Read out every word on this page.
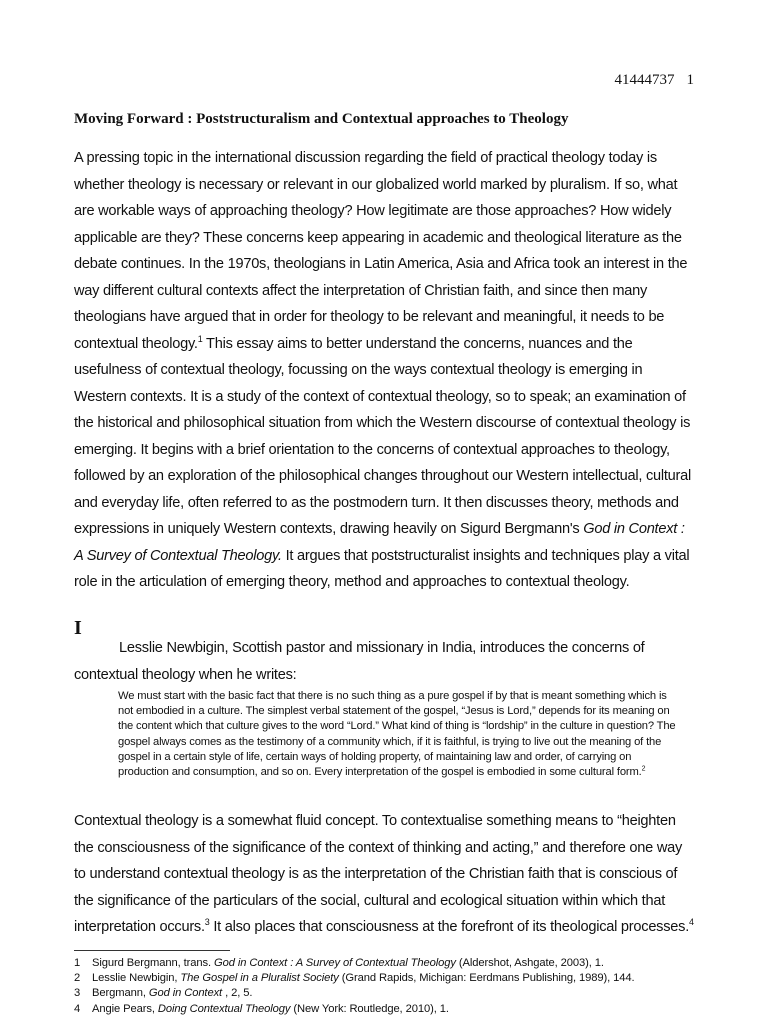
41444737 1
Moving Forward : Poststructuralism and Contextual approaches to Theology
A pressing topic in the international discussion regarding the field of practical theology today is whether theology is necessary or relevant in our globalized world marked by pluralism. If so, what are workable ways of approaching theology? How legitimate are those approaches? How widely applicable are they? These concerns keep appearing in academic and theological literature as the debate continues. In the 1970s, theologians in Latin America, Asia and Africa took an interest in the way different cultural contexts affect the interpretation of Christian faith, and since then many theologians have argued that in order for theology to be relevant and meaningful, it needs to be contextual theology.$^1$ This essay aims to better understand the concerns, nuances and the usefulness of contextual theology, focussing on the ways contextual theology is emerging in Western contexts. It is a study of the context of contextual theology, so to speak; an examination of the historical and philosophical situation from which the Western discourse of contextual theology is emerging. It begins with a brief orientation to the concerns of contextual approaches to theology, followed by an exploration of the philosophical changes throughout our Western intellectual, cultural and everyday life, often referred to as the postmodern turn. It then discusses theory, methods and expressions in uniquely Western contexts, drawing heavily on Sigurd Bergmann's God in Context : A Survey of Contextual Theology. It argues that poststructuralist insights and techniques play a vital role in the articulation of emerging theory, method and approaches to contextual theology.
I
Lesslie Newbigin, Scottish pastor and missionary in India, introduces the concerns of contextual theology when he writes:
We must start with the basic fact that there is no such thing as a pure gospel if by that is meant something which is not embodied in a culture. The simplest verbal statement of the gospel, “Jesus is Lord,” depends for its meaning on the content which that culture gives to the word “Lord.” What kind of thing is “lordship” in the culture in question? The gospel always comes as the testimony of a community which, if it is faithful, is trying to live out the meaning of the gospel in a certain style of life, certain ways of holding property, of maintaining law and order, of carrying on production and consumption, and so on. Every interpretation of the gospel is embodied in some cultural form.$^2$
Contextual theology is a somewhat fluid concept. To contextualise something means to “heighten the consciousness of the significance of the context of thinking and acting,” and therefore one way to understand contextual theology is as the interpretation of the Christian faith that is conscious of the significance of the particulars of the social, cultural and ecological situation within which that interpretation occurs.$^3$ It also places that consciousness at the forefront of its theological processes.$^4$
1 Sigurd Bergmann, trans. God in Context : A Survey of Contextual Theology (Aldershot, Ashgate, 2003), 1.
2 Lesslie Newbigin, The Gospel in a Pluralist Society (Grand Rapids, Michigan: Eerdmans Publishing, 1989), 144.
3 Bergmann, God in Context , 2, 5.
4 Angie Pears, Doing Contextual Theology (New York: Routledge, 2010), 1.
